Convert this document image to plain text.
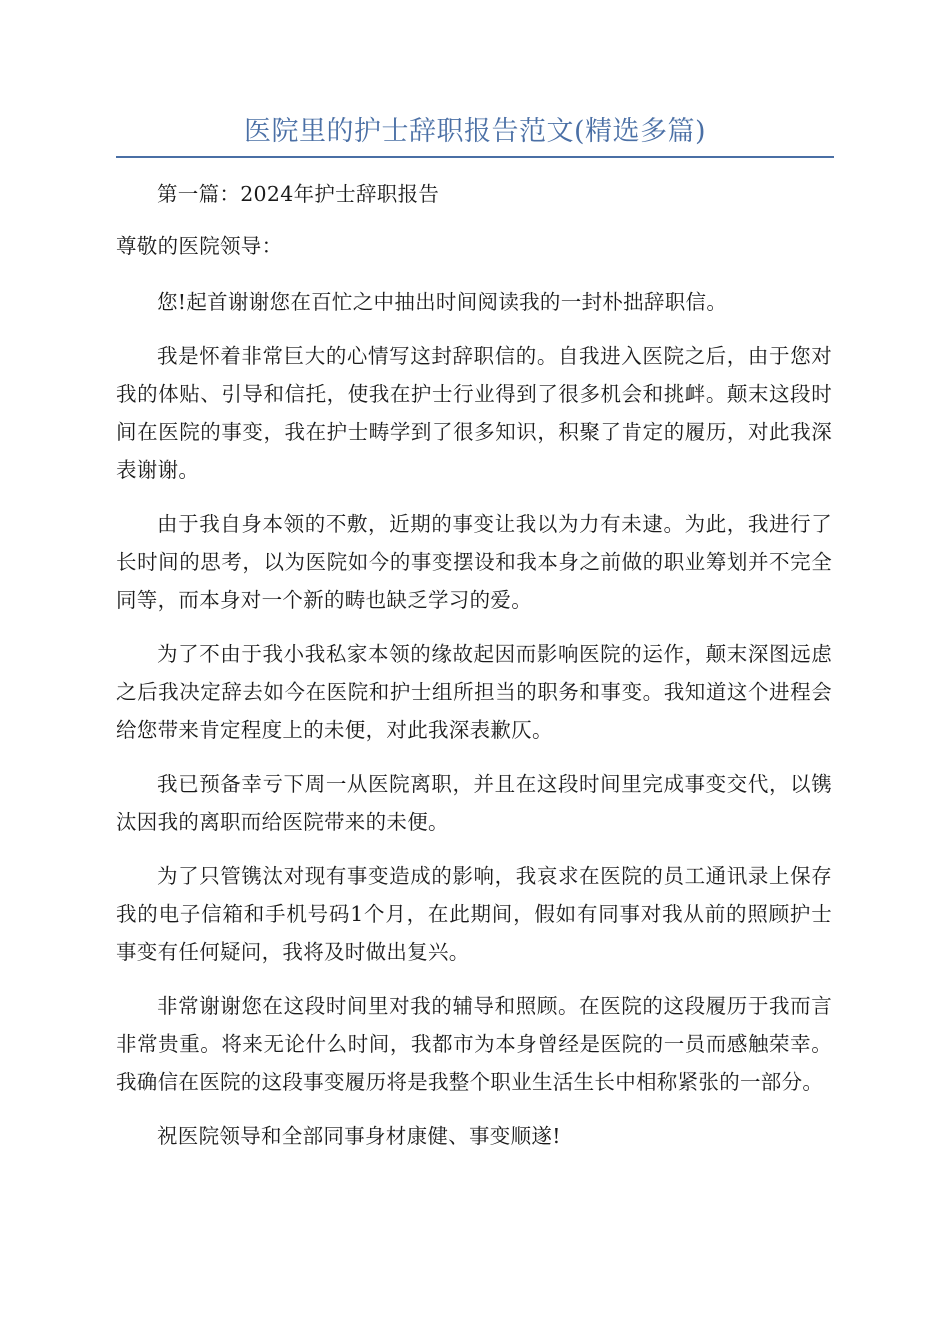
医院里的护士辞职报告范文(精选多篇)

第一篇：2024年护士辞职报告

尊敬的医院领导：

您!起首谢谢您在百忙之中抽出时间阅读我的一封朴拙辞职信。

我是怀着非常巨大的心情写这封辞职信的。自我进入医院之后，由于您对我的体贴、引导和信托，使我在护士行业得到了很多机会和挑衅。颠末这段时间在医院的事变，我在护士畴学到了很多知识，积聚了肯定的履历，对此我深表谢谢。

由于我自身本领的不敷，近期的事变让我以为力有未逮。为此，我进行了长时间的思考，以为医院如今的事变摆设和我本身之前做的职业筹划并不完全同等，而本身对一个新的畴也缺乏学习的爱。

为了不由于我小我私家本领的缘故起因而影响医院的运作，颠末深图远虑之后我决定辞去如今在医院和护士组所担当的职务和事变。我知道这个进程会给您带来肯定程度上的未便，对此我深表歉仄。

我已预备幸亏下周一从医院离职，并且在这段时间里完成事变交代，以镌汰因我的离职而给医院带来的未便。

为了只管镌汰对现有事变造成的影响，我哀求在医院的员工通讯录上保存我的电子信箱和手机号码1个月，在此期间，假如有同事对我从前的照顾护士事变有任何疑问，我将及时做出复兴。

非常谢谢您在这段时间里对我的辅导和照顾。在医院的这段履历于我而言非常贵重。将来无论什么时间，我都市为本身曾经是医院的一员而感触荣幸。我确信在医院的这段事变履历将是我整个职业生活生长中相称紧张的一部分。

祝医院领导和全部同事身材康健、事变顺遂!
